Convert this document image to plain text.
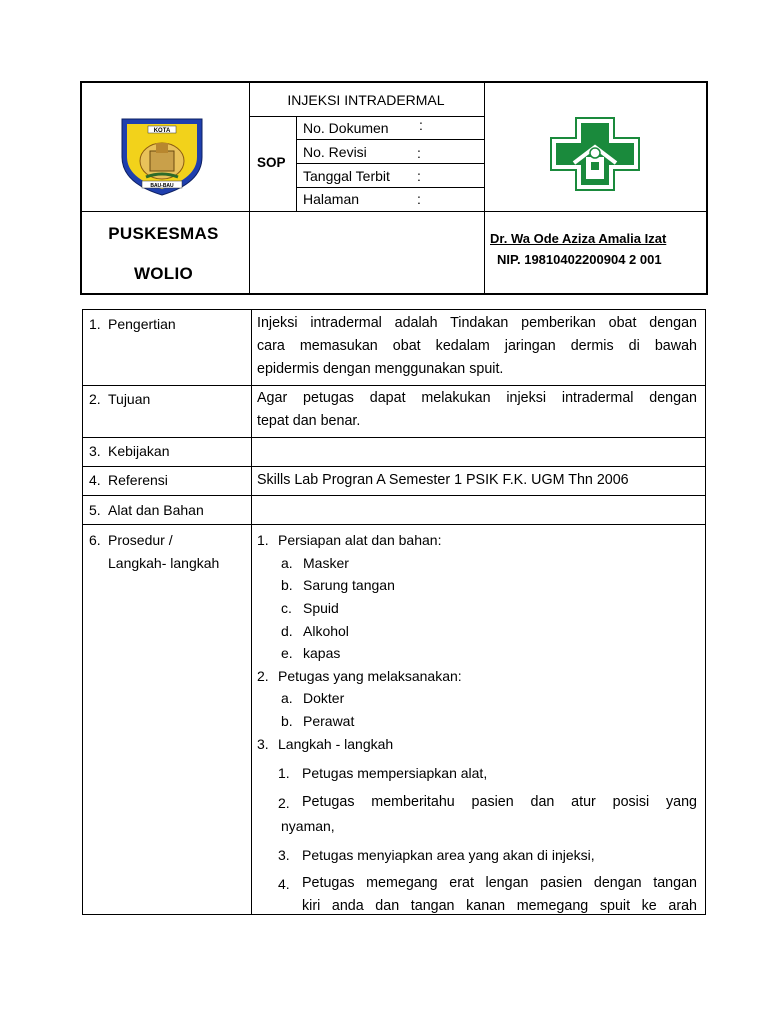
KOTA
BAU-BAU
INJEKSI INTRADERMAL
SOP
No. Dokumen :
No. Revisi	:
Tanggal Terbit :
Halaman	:
PUSKESMAS
WOLIO
Dr. Wa Ode Aziza Amalia Izat
NIP. 19810402200904 2 001
1. Pengertian
2. Tujuan
3. Kebijakan
4. Referensi
5. Alat dan Bahan
6. Prosedur /
Langkah- langkah
Injeksi intradermal adalah Tindakan pemberikan obat dengan
cara memasukan obat kedalam jaringan dermis di bawah
epidermis dengan menggunakan spuit.
Agar petugas dapat melakukan injeksi intradermal dengan
tepat dan benar.
Skills Lab Progran A Semester 1 PSIK F.K. UGM Thn 2006
1. Persiapan alat dan bahan:
a. Masker
b. Sarung tangan
c. Spuid
d. Alkohol
e. kapas
2. Petugas yang melaksanakan:
a. Dokter
b. Perawat
3. Langkah - langkah
1. Petugas mempersiapkan alat,
2. Petugas memberitahu pasien dan atur posisi yang
nyaman,
3. Petugas menyiapkan area yang akan di injeksi,
4. Petugas memegang erat lengan pasien dengan tangan
kiri anda dan tangan kanan memegang spuit ke arah
